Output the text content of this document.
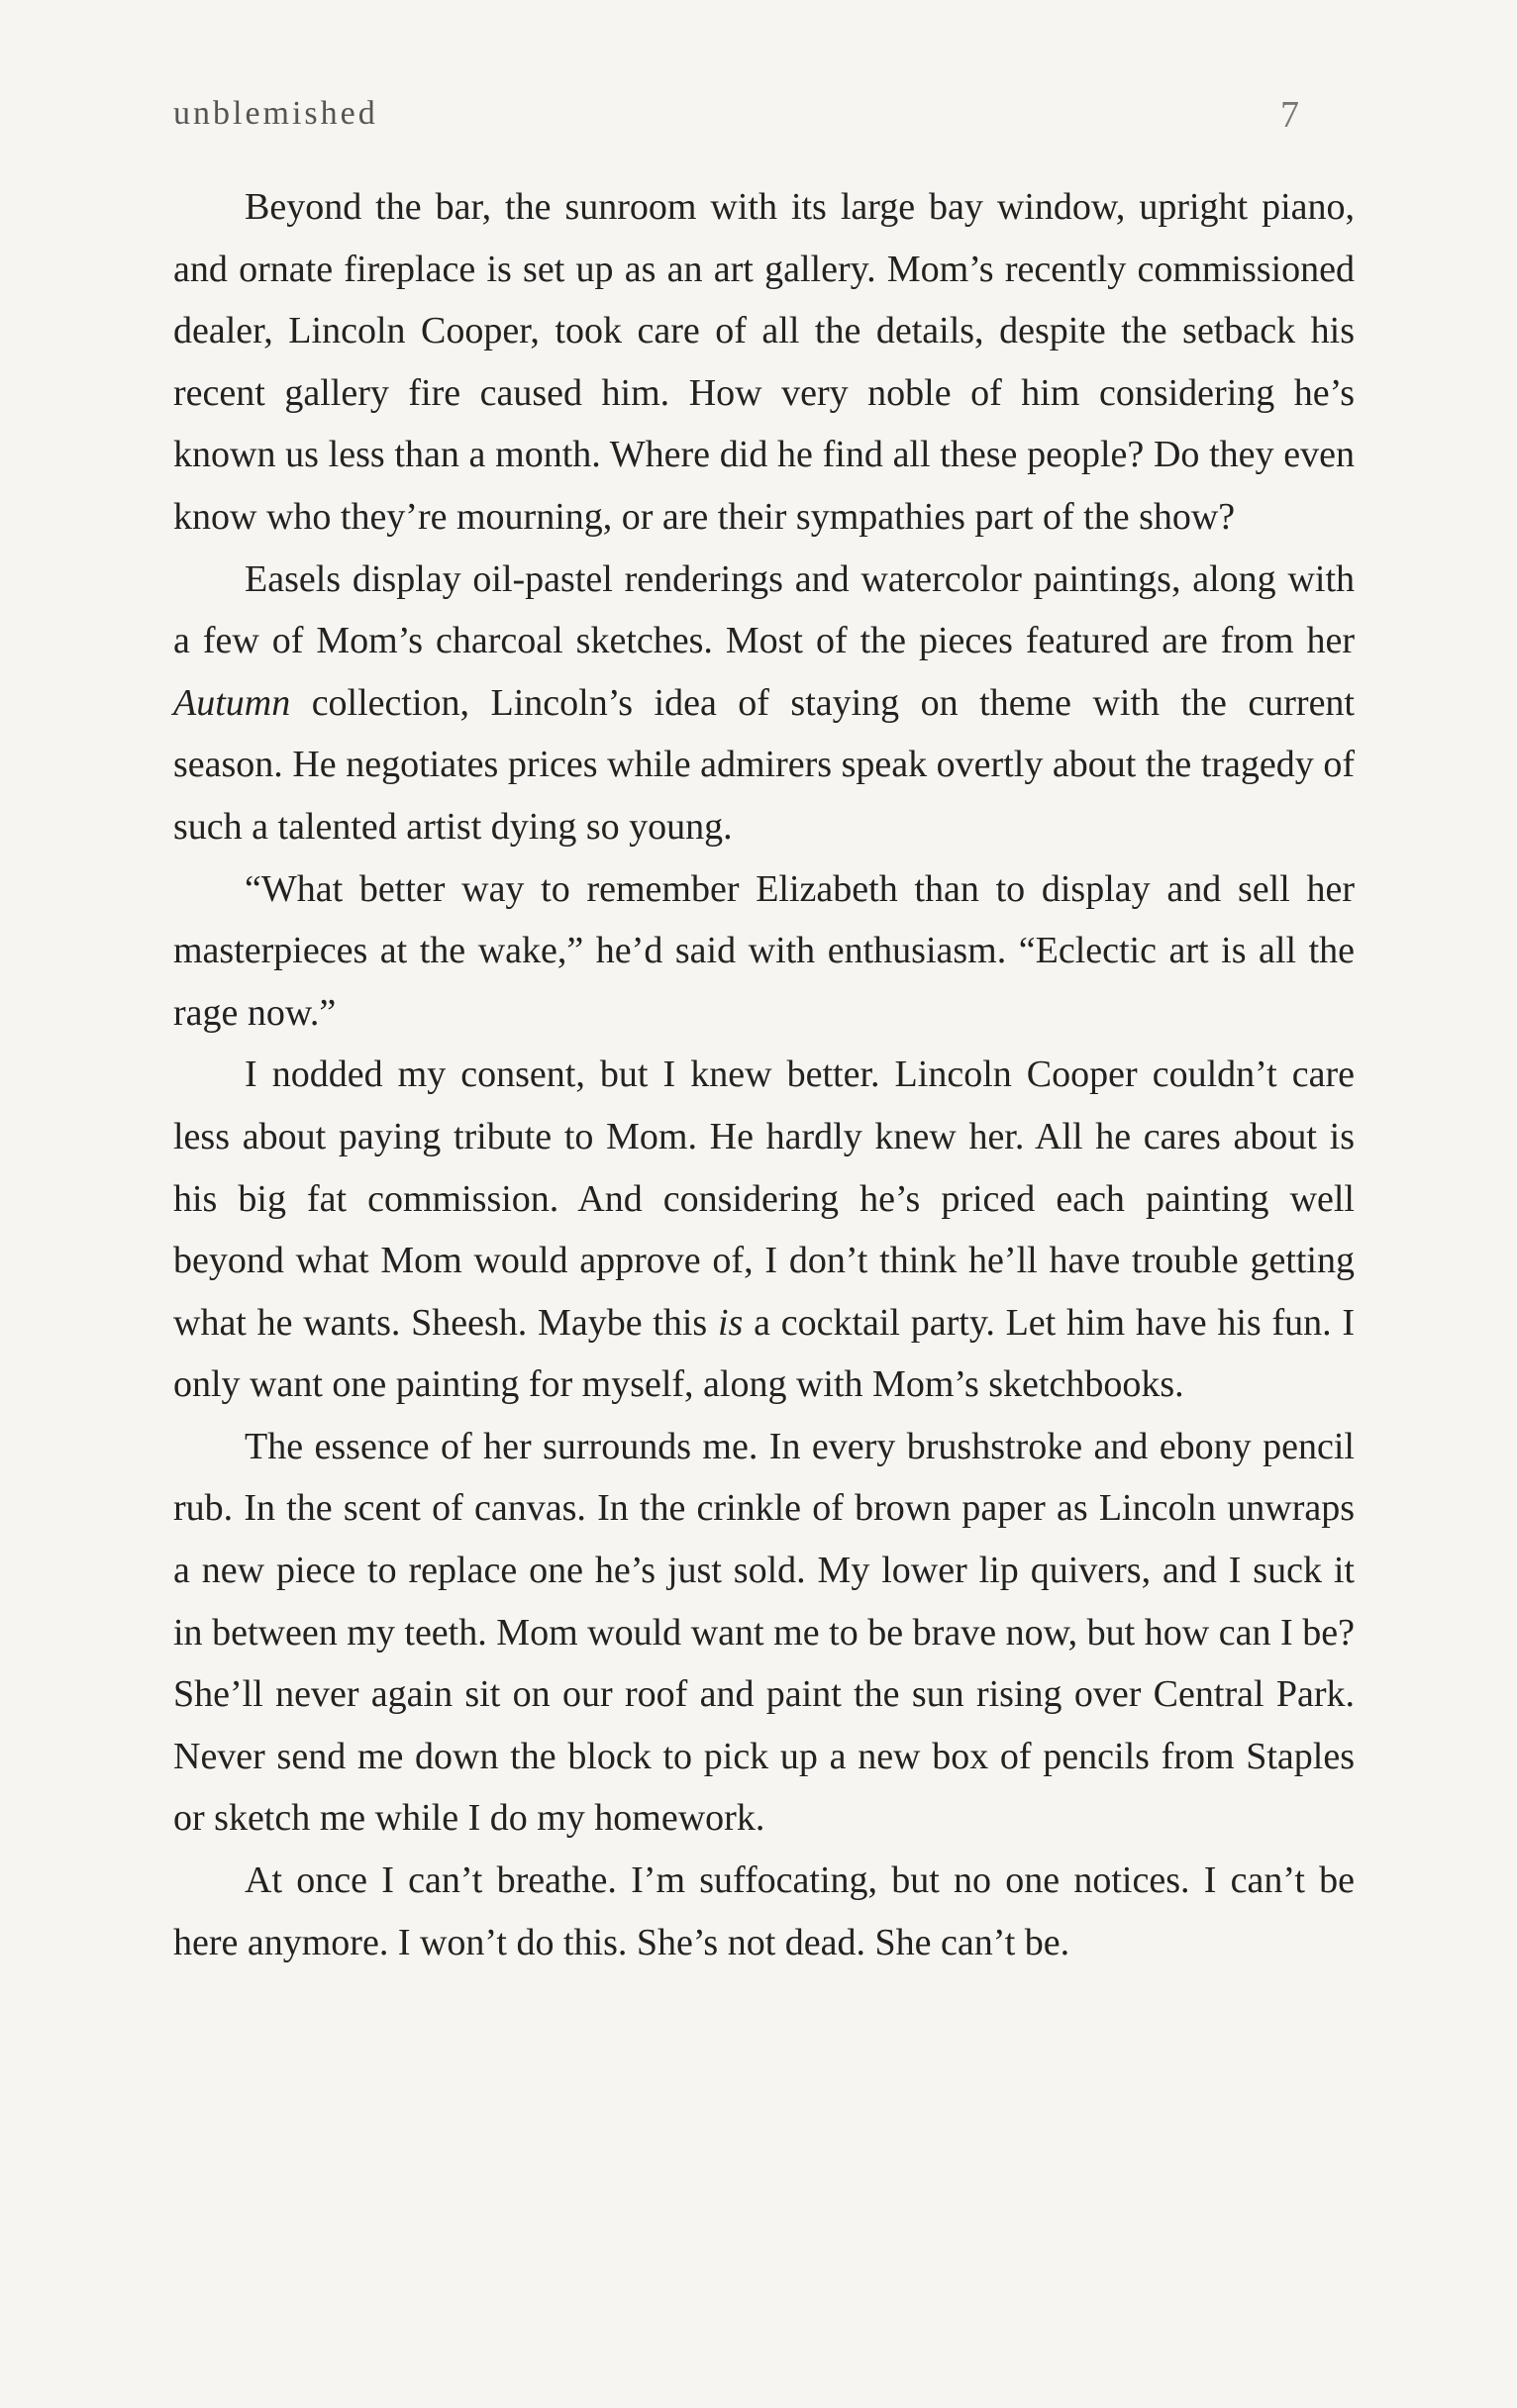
unblemished	7

Beyond the bar, the sunroom with its large bay window, upright piano, and ornate fireplace is set up as an art gallery. Mom’s recently commissioned dealer, Lincoln Cooper, took care of all the details, despite the setback his recent gallery fire caused him. How very noble of him considering he’s known us less than a month. Where did he find all these people? Do they even know who they’re mourning, or are their sympathies part of the show?

Easels display oil-pastel renderings and watercolor paintings, along with a few of Mom’s charcoal sketches. Most of the pieces featured are from her Autumn collection, Lincoln’s idea of staying on theme with the current season. He negotiates prices while admirers speak overtly about the tragedy of such a talented artist dying so young.

“What better way to remember Elizabeth than to display and sell her masterpieces at the wake,” he’d said with enthusiasm. “Eclectic art is all the rage now.”

I nodded my consent, but I knew better. Lincoln Cooper couldn’t care less about paying tribute to Mom. He hardly knew her. All he cares about is his big fat commission. And considering he’s priced each painting well beyond what Mom would approve of, I don’t think he’ll have trouble getting what he wants. Sheesh. Maybe this is a cocktail party. Let him have his fun. I only want one painting for myself, along with Mom’s sketchbooks.

The essence of her surrounds me. In every brushstroke and ebony pencil rub. In the scent of canvas. In the crinkle of brown paper as Lincoln unwraps a new piece to replace one he’s just sold. My lower lip quivers, and I suck it in between my teeth. Mom would want me to be brave now, but how can I be? She’ll never again sit on our roof and paint the sun rising over Central Park. Never send me down the block to pick up a new box of pencils from Staples or sketch me while I do my homework.

At once I can’t breathe. I’m suffocating, but no one notices. I can’t be here anymore. I won’t do this. She’s not dead. She can’t be.
